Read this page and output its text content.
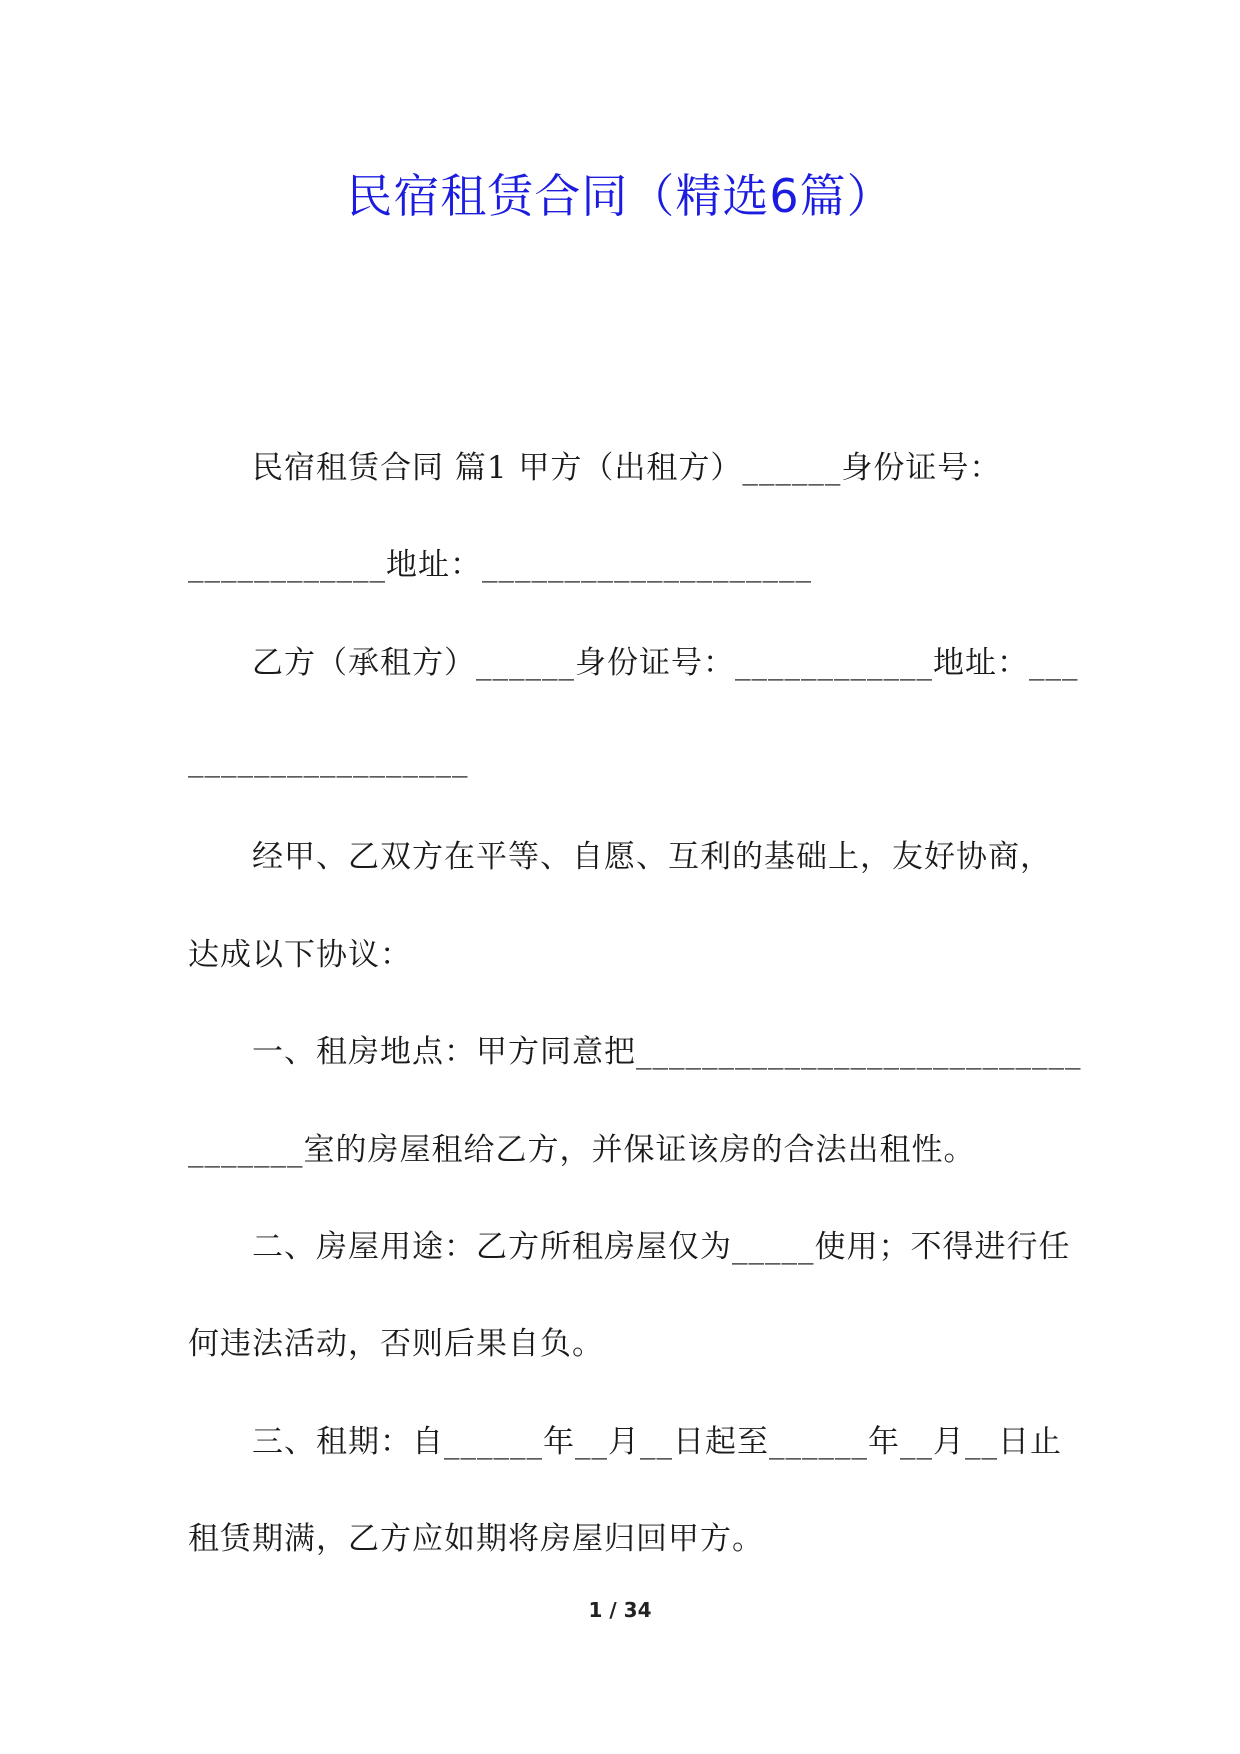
民宿租赁合同（精选6篇）
民宿租赁合同 篇1 甲方（出租方）______身份证号：
____________地址：____________________
乙方（承租方）______身份证号：____________地址：___
_________________
经甲、乙双方在平等、自愿、互利的基础上，友好协商，
达成以下协议：
一、租房地点：甲方同意把___________________________
_______室的房屋租给乙方，并保证该房的合法出租性。
二、房屋用途：乙方所租房屋仅为_____使用；不得进行任
何违法活动，否则后果自负。
三、租期：自______年__月__日起至______年__月__日止
租赁期满，乙方应如期将房屋归回甲方。
1 / 34
